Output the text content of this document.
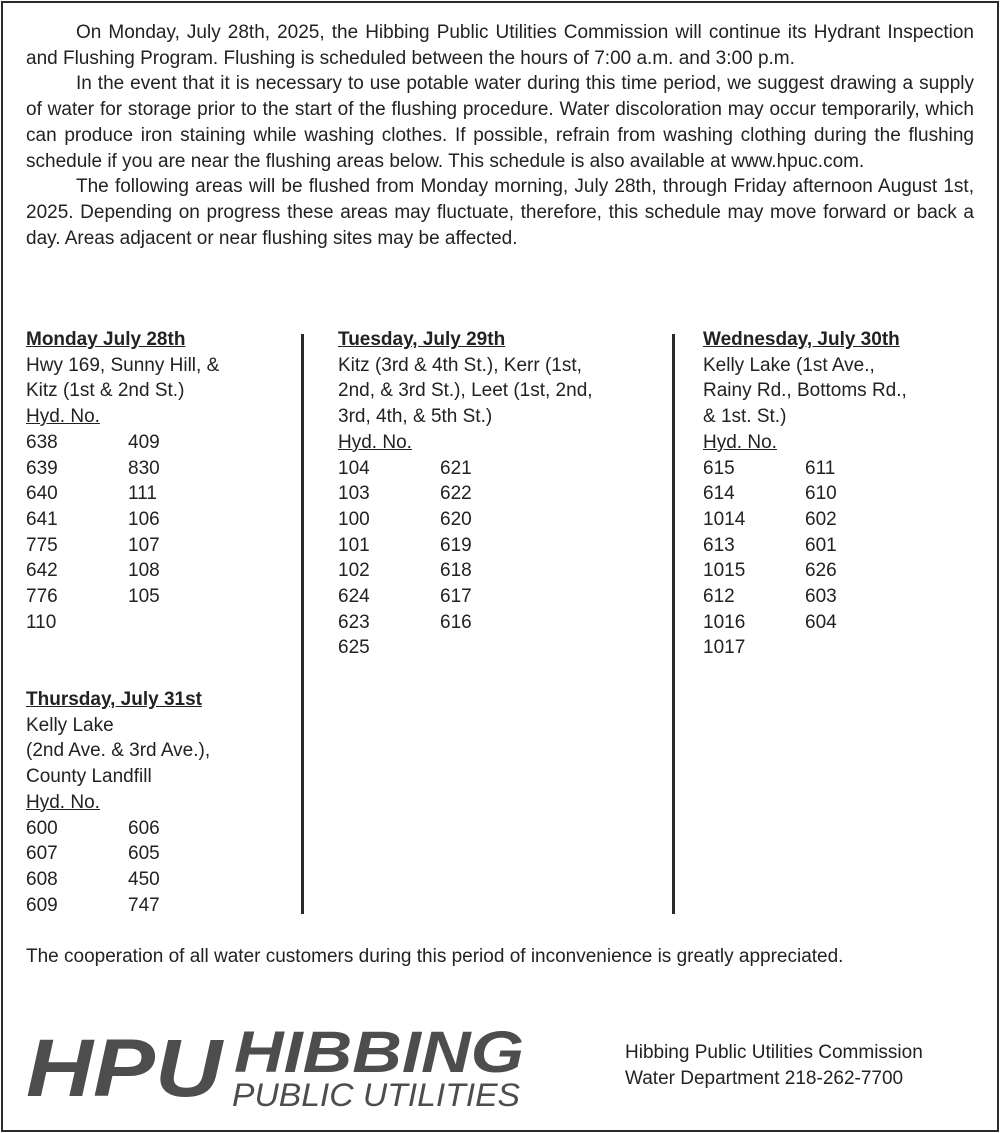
On Monday, July 28th, 2025, the Hibbing Public Utilities Commission will continue its Hydrant Inspection and Flushing Program. Flushing is scheduled between the hours of 7:00 a.m. and 3:00 p.m.

In the event that it is necessary to use potable water during this time period, we suggest drawing a supply of water for storage prior to the start of the flushing procedure. Water discoloration may occur temporarily, which can produce iron staining while washing clothes. If possible, refrain from washing clothing during the flushing schedule if you are near the flushing areas below. This schedule is also available at www.hpuc.com.

The following areas will be flushed from Monday morning, July 28th, through Friday afternoon August 1st, 2025. Depending on progress these areas may fluctuate, therefore, this schedule may move forward or back a day. Areas adjacent or near flushing sites may be affected.

Monday July 28th
Hwy 169, Sunny Hill, &
Kitz (1st & 2nd St.)
Hyd. No.
638	409
639	830
640	111
641	106
775	107
642	108
776	105
110
Tuesday, July 29th
Kitz (3rd & 4th St.), Kerr (1st,
2nd, & 3rd St.), Leet (1st, 2nd,
3rd, 4th, & 5th St.)
Hyd. No.
104	621
103	622
100	620
101	619
102	618
624	617
623	616
625
Wednesday, July 30th
Kelly Lake (1st Ave.,
Rainy Rd., Bottoms Rd.,
& 1st. St.)
Hyd. No.
615	611
614	610
1014	602
613	601
1015	626
612	603
1016	604
1017
Thursday, July 31st
Kelly Lake
(2nd Ave. & 3rd Ave.),
County Landfill
Hyd. No.
600	606
607	605
608	450
609	747
The cooperation of all water customers during this period of inconvenience is greatly appreciated.
HPU HIBBING
PUBLIC UTILITIES
Hibbing Public Utilities Commission
Water Department 218-262-7700
